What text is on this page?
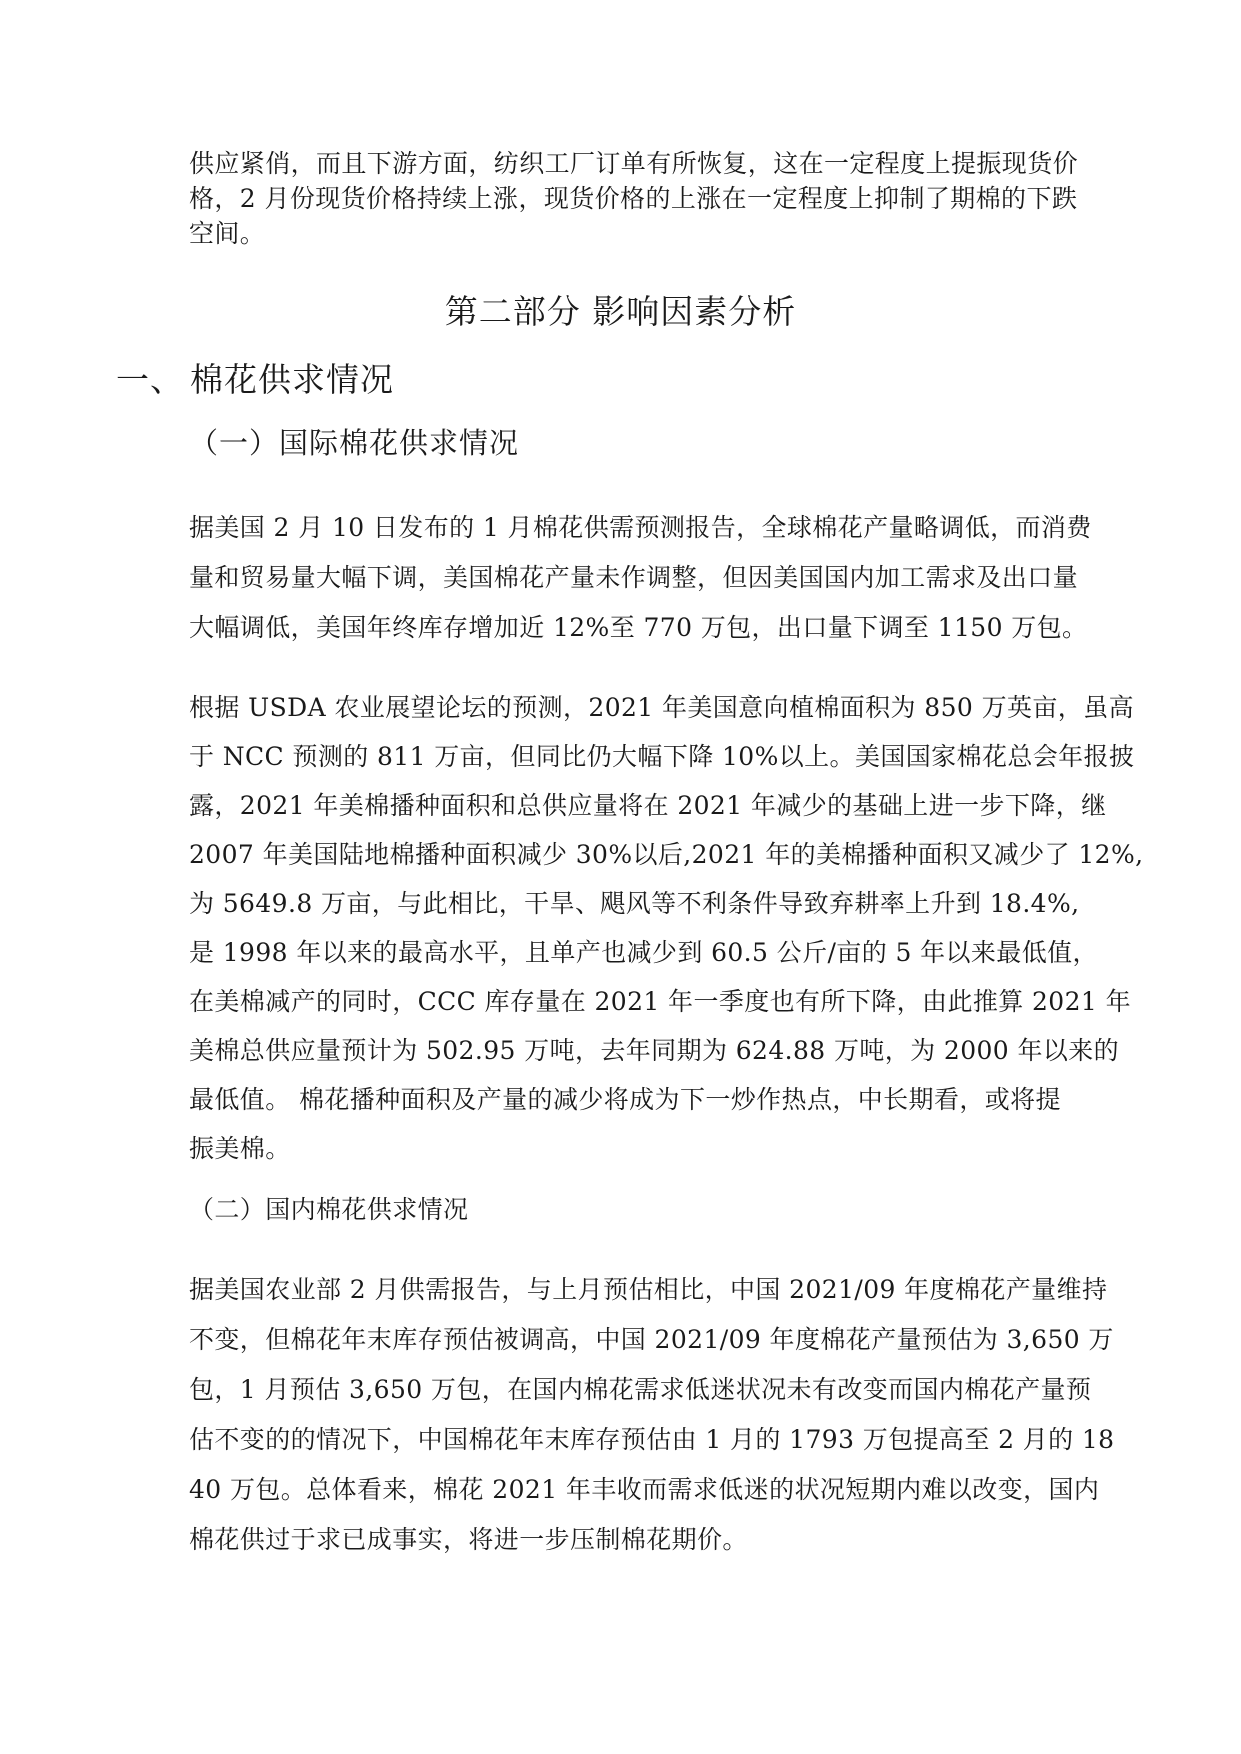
供应紧俏，而且下游方面，纺织工厂订单有所恢复，这在一定程度上提振现货价
格，2 月份现货价格持续上涨，现货价格的上涨在一定程度上抑制了期棉的下跌
空间。
第二部分 影响因素分析
一、 棉花供求情况
（一）国际棉花供求情况
据美国 2 月 10 日发布的 1 月棉花供需预测报告，全球棉花产量略调低，而消费
量和贸易量大幅下调，美国棉花产量未作调整，但因美国国内加工需求及出口量
大幅调低，美国年终库存增加近 12%至 770 万包，出口量下调至 1150 万包。
根据 USDA 农业展望论坛的预测，2021 年美国意向植棉面积为 850 万英亩，虽高
于 NCC 预测的 811 万亩，但同比仍大幅下降 10%以上。美国国家棉花总会年报披
露，2021 年美棉播种面积和总供应量将在 2021 年减少的基础上进一步下降，继
2007 年美国陆地棉播种面积减少 30%以后,2021 年的美棉播种面积又减少了 12%,
为 5649.8 万亩，与此相比，干旱、飓风等不利条件导致弃耕率上升到 18.4%,
是 1998 年以来的最高水平，且单产也减少到 60.5 公斤/亩的 5 年以来最低值，
在美棉减产的同时，CCC 库存量在 2021 年一季度也有所下降，由此推算 2021 年
美棉总供应量预计为 502.95 万吨，去年同期为 624.88 万吨，为 2000 年以来的
最低值。 棉花播种面积及产量的减少将成为下一炒作热点，中长期看，或将提
振美棉。
（二）国内棉花供求情况
据美国农业部 2 月供需报告，与上月预估相比，中国 2021/09 年度棉花产量维持
不变，但棉花年末库存预估被调高，中国 2021/09 年度棉花产量预估为 3,650 万
包，1 月预估 3,650 万包，在国内棉花需求低迷状况未有改变而国内棉花产量预
估不变的的情况下，中国棉花年末库存预估由 1 月的 1793 万包提高至 2 月的 18
40 万包。总体看来，棉花 2021 年丰收而需求低迷的状况短期内难以改变，国内
棉花供过于求已成事实，将进一步压制棉花期价。
